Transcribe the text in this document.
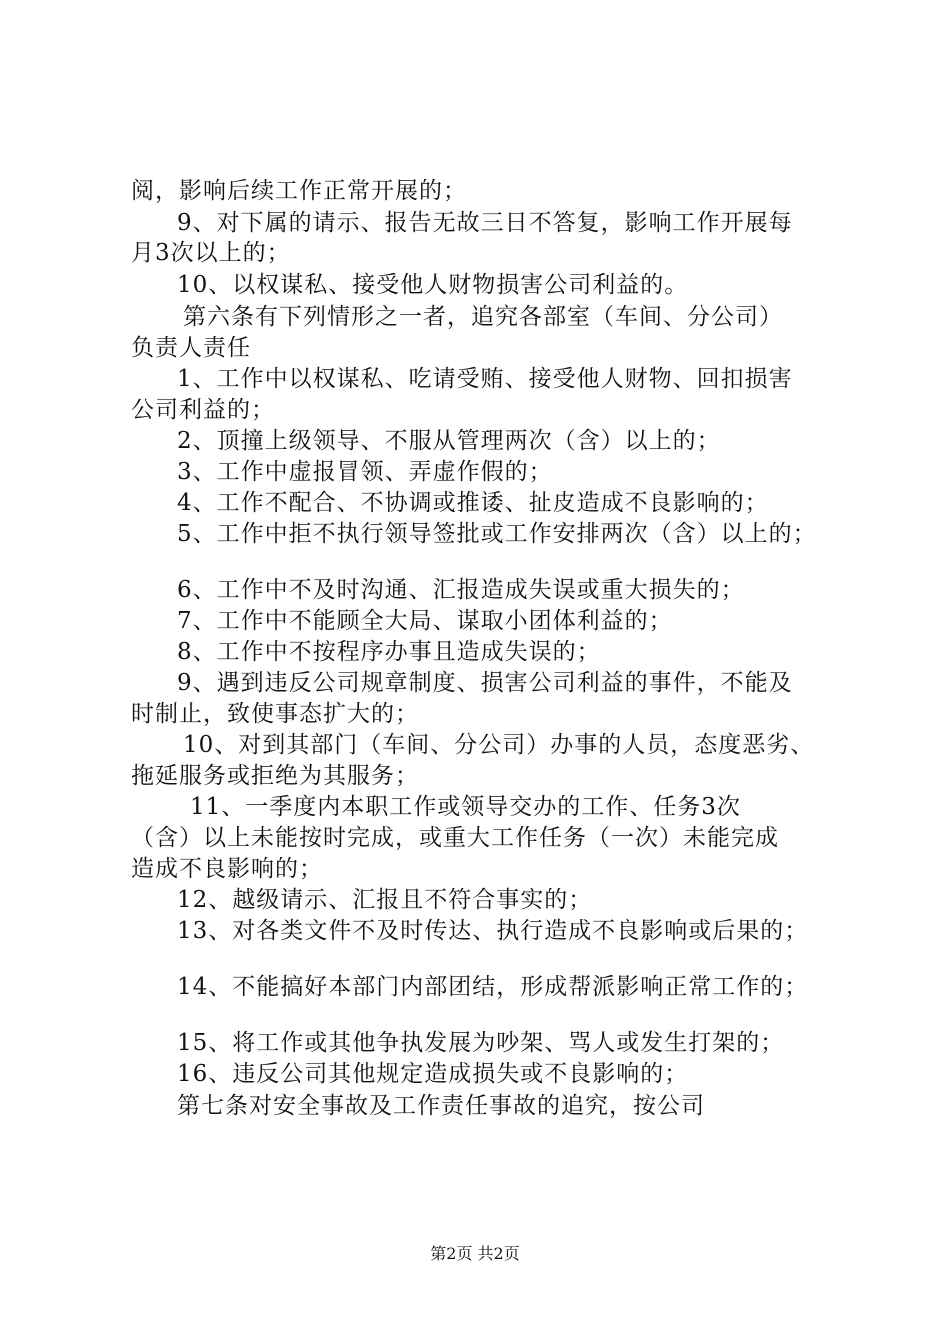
阅，影响后续工作正常开展的；
9、对下属的请示、报告无故三日不答复，影响工作开展每
月3次以上的；
10、以权谋私、接受他人财物损害公司利益的。
第六条有下列情形之一者，追究各部室（车间、分公司）
负责人责任
1、工作中以权谋私、吃请受贿、接受他人财物、回扣损害
公司利益的；
2、顶撞上级领导、不服从管理两次（含）以上的；
3、工作中虚报冒领、弄虚作假的；
4、工作不配合、不协调或推诿、扯皮造成不良影响的；
5、工作中拒不执行领导签批或工作安排两次（含）以上的；
6、工作中不及时沟通、汇报造成失误或重大损失的；
7、工作中不能顾全大局、谋取小团体利益的；
8、工作中不按程序办事且造成失误的；
9、遇到违反公司规章制度、损害公司利益的事件，不能及
时制止，致使事态扩大的；
10、对到其部门（车间、分公司）办事的人员，态度恶劣、
拖延服务或拒绝为其服务；
11、一季度内本职工作或领导交办的工作、任务3次
（含）以上未能按时完成，或重大工作任务（一次）未能完成
造成不良影响的；
12、越级请示、汇报且不符合事实的；
13、对各类文件不及时传达、执行造成不良影响或后果的；
14、不能搞好本部门内部团结，形成帮派影响正常工作的；
15、将工作或其他争执发展为吵架、骂人或发生打架的；
16、违反公司其他规定造成损失或不良影响的；
第七条对安全事故及工作责任事故的追究，按公司
第2页 共2页
